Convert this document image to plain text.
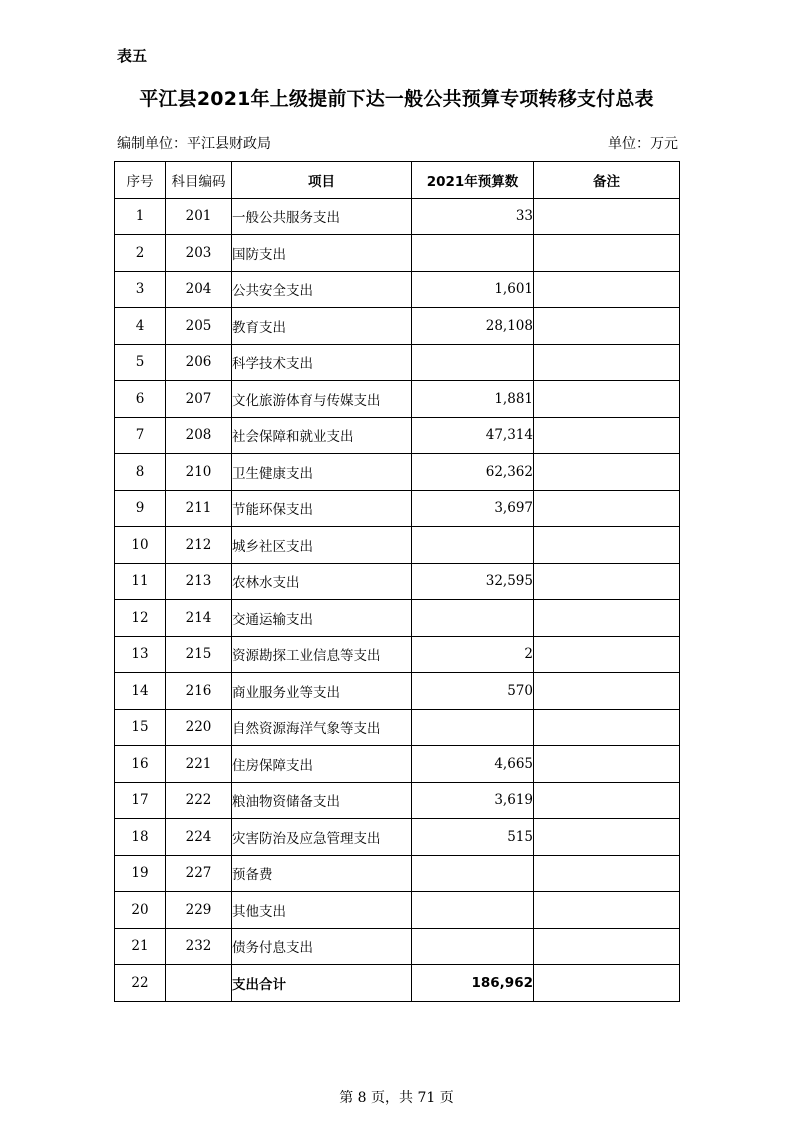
表五
平江县2021年上级提前下达一般公共预算专项转移支付总表
编制单位：平江县财政局	单位：万元
序号	科目编码	项目	2021年预算数	备注
1	201	一般公共服务支出	33	
2	203	国防支出		
3	204	公共安全支出	1,601	
4	205	教育支出	28,108	
5	206	科学技术支出		
6	207	文化旅游体育与传媒支出	1,881	
7	208	社会保障和就业支出	47,314	
8	210	卫生健康支出	62,362	
9	211	节能环保支出	3,697	
10	212	城乡社区支出		
11	213	农林水支出	32,595	
12	214	交通运输支出		
13	215	资源勘探工业信息等支出	2	
14	216	商业服务业等支出	570	
15	220	自然资源海洋气象等支出		
16	221	住房保障支出	4,665	
17	222	粮油物资储备支出	3,619	
18	224	灾害防治及应急管理支出	515	
19	227	预备费		
20	229	其他支出		
21	232	债务付息支出		
22		支出合计	186,962	
第 8 页，共 71 页
